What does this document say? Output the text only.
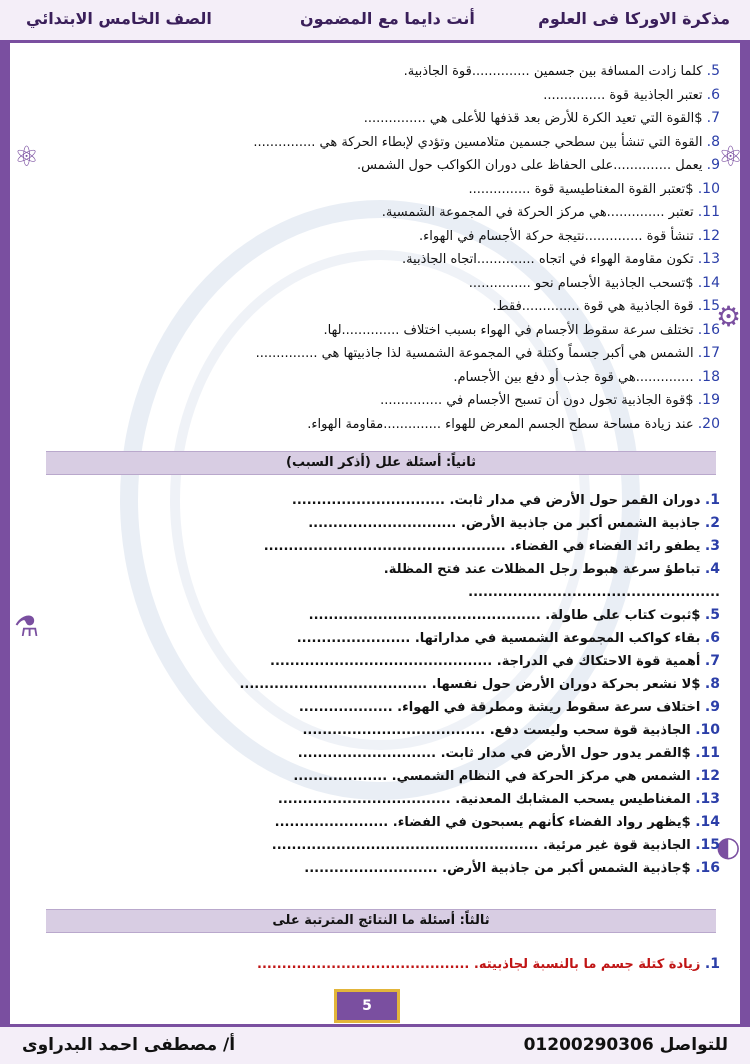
مذكرة الاوركا فى العلوم
أنت دايما مع المضمون
الصف الخامس الابتدائي
⚛	⚛
⚙
⚗
◐
5. كلما زادت المسافة بين جسمين ..............قوة الجاذبية.
6. تعتبر الجاذبية قوة ...............
7. $القوة التي تعيد الكرة للأرض بعد قذفها للأعلى هي ...............
8. القوة التي تنشأ بين سطحي جسمين متلامسين وتؤدي لإبطاء الحركة هي ...............
9. يعمل ..............على الحفاظ على دوران الكواكب حول الشمس.
10. $تعتبر القوة المغناطيسية قوة ...............
11. تعتبر ..............هي مركز الحركة في المجموعة الشمسية.
12. تنشأ قوة ..............نتيجة حركة الأجسام في الهواء.
13. تكون مقاومة الهواء في اتجاه ..............اتجاه الجاذبية.
14. $تسحب الجاذبية الأجسام نحو ...............
15. قوة الجاذبية هي قوة ..............فقط.
16. تختلف سرعة سقوط الأجسام في الهواء بسبب اختلاف ..............لها.
17. الشمس هي أكبر جسماً وكتلة في المجموعة الشمسية لذا جاذبيتها هي ...............
18. ..............هي قوة جذب أو دفع بين الأجسام.
19. $قوة الجاذبية تحول دون أن تسبح الأجسام في ...............
20. عند زيادة مساحة سطح الجسم المعرض للهواء ..............مقاومة الهواء.
ثانياً: أسئلة علل (أذكر السبب)
1. دوران القمر حول الأرض في مدار ثابت. ...............................
2. جاذبية الشمس أكبر من جاذبية الأرض. ..............................
3. يطفو رائد الفضاء في الفضاء. .................................................
4. تباطؤ سرعة هبوط رجل المظلات عند فتح المظلة.
...................................................
5. $ثبوت كتاب على طاولة. ...............................................
6. بقاء كواكب المجموعة الشمسية في مداراتها. .......................
7. أهمية قوة الاحتكاك في الدراجة. .............................................
8. $لا نشعر بحركة دوران الأرض حول نفسها. ......................................
9. اختلاف سرعة سقوط ريشة ومطرقة في الهواء. ...................
10. الجاذبية قوة سحب وليست دفع. .....................................
11. $القمر يدور حول الأرض في مدار ثابت. ............................
12. الشمس هي مركز الحركة في النظام الشمسي. ...................
13. المغناطيس يسحب المشابك المعدنية. ...................................
14. $يظهر رواد الفضاء كأنهم يسبحون في الفضاء. .......................
15. الجاذبية قوة غير مرئية. ......................................................
16. $جاذبية الشمس أكبر من جاذبية الأرض. ...........................
ثالثاً: أسئلة ما النتائج المترتبة على
1. زيادة كتلة جسم ما بالنسبة لجاذبيته. ...........................................
5
للتواصل 01200290306
أ/ مصطفى احمد البدراوى
